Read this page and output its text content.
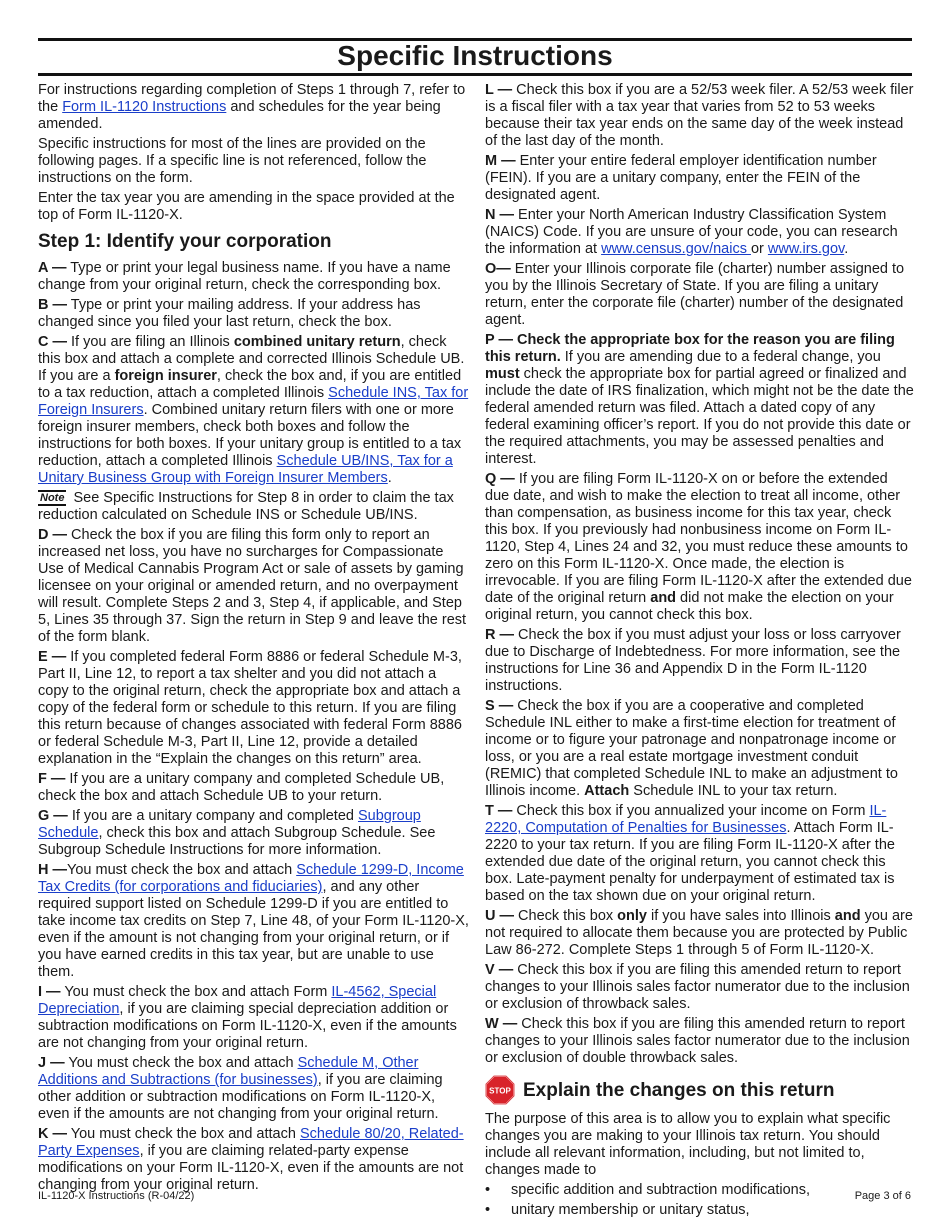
Specific Instructions

For instructions regarding completion of Steps 1 through 7, refer to the Form IL-1120 Instructions and schedules for the year being amended.

Specific instructions for most of the lines are provided on the following pages. If a specific line is not referenced, follow the instructions on the form.

Enter the tax year you are amending in the space provided at the top of Form IL-1120-X.

Step 1: Identify your corporation

A — Type or print your legal business name. If you have a name change from your original return, check the corresponding box.

B — Type or print your mailing address. If your address has changed since you filed your last return, check the box.

C — If you are filing an Illinois combined unitary return, check this box and attach a complete and corrected Illinois Schedule UB. If you are a foreign insurer, check the box and, if you are entitled to a tax reduction, attach a completed Illinois Schedule INS, Tax for Foreign Insurers. Combined unitary return filers with one or more foreign insurer members, check both boxes and follow the instructions for both boxes. If your unitary group is entitled to a tax reduction, attach a completed Illinois Schedule UB/INS, Tax for a Unitary Business Group with Foreign Insurer Members.

Note See Specific Instructions for Step 8 in order to claim the tax reduction calculated on Schedule INS or Schedule UB/INS.

D — Check the box if you are filing this form only to report an increased net loss, you have no surcharges for Compassionate Use of Medical Cannabis Program Act or sale of assets by gaming licensee on your original or amended return, and no overpayment will result. Complete Steps 2 and 3, Step 4, if applicable, and Step 5, Lines 35 through 37. Sign the return in Step 9 and leave the rest of the form blank.

E — If you completed federal Form 8886 or federal Schedule M-3, Part II, Line 12, to report a tax shelter and you did not attach a copy to the original return, check the appropriate box and attach a copy of the federal form or schedule to this return. If you are filing this return because of changes associated with federal Form 8886 or federal Schedule M-3, Part II, Line 12, provide a detailed explanation in the “Explain the changes on this return” area.

F — If you are a unitary company and completed Schedule UB, check the box and attach Schedule UB to your return.

G — If you are a unitary company and completed Subgroup Schedule, check this box and attach Subgroup Schedule. See Subgroup Schedule Instructions for more information.

H —You must check the box and attach Schedule 1299-D, Income Tax Credits (for corporations and fiduciaries), and any other required support listed on Schedule 1299-D if you are entitled to take income tax credits on Step 7, Line 48, of your Form IL-1120-X, even if the amount is not changing from your original return, or if you have earned credits in this tax year, but are unable to use them.

I — You must check the box and attach Form IL-4562, Special Depreciation, if you are claiming special depreciation addition or subtraction modifications on Form IL-1120-X, even if the amounts are not changing from your original return.

J — You must check the box and attach Schedule M, Other Additions and Subtractions (for businesses), if you are claiming other addition or subtraction modifications on Form IL-1120-X, even if the amounts are not changing from your original return.

K — You must check the box and attach Schedule 80/20, Related-Party Expenses, if you are claiming related-party expense modifications on your Form IL-1120-X, even if the amounts are not changing from your original return.

L — Check this box if you are a 52/53 week filer. A 52/53 week filer is a fiscal filer with a tax year that varies from 52 to 53 weeks because their tax year ends on the same day of the week instead of the last day of the month.

M — Enter your entire federal employer identification number (FEIN). If you are a unitary company, enter the FEIN of the designated agent.

N — Enter your North American Industry Classification System (NAICS) Code. If you are unsure of your code, you can research the information at www.census.gov/naics or www.irs.gov.

O— Enter your Illinois corporate file (charter) number assigned to you by the Illinois Secretary of State. If you are filing a unitary return, enter the corporate file (charter) number of the designated agent.

P — Check the appropriate box for the reason you are filing this return. If you are amending due to a federal change, you must check the appropriate box for partial agreed or finalized and include the date of IRS finalization, which might not be the date the federal amended return was filed. Attach a dated copy of any federal examining officer’s report. If you do not provide this date or the required attachments, you may be assessed penalties and interest.

Q — If you are filing Form IL-1120-X on or before the extended due date, and wish to make the election to treat all income, other than compensation, as business income for this tax year, check this box. If you previously had nonbusiness income on Form IL-1120, Step 4, Lines 24 and 32, you must reduce these amounts to zero on this Form IL-1120-X. Once made, the election is irrevocable. If you are filing Form IL-1120-X after the extended due date of the original return and did not make the election on your original return, you cannot check this box.

R — Check the box if you must adjust your loss or loss carryover due to Discharge of Indebtedness. For more information, see the instructions for Line 36 and Appendix D in the Form IL-1120 instructions.

S — Check the box if you are a cooperative and completed Schedule INL either to make a first-time election for treatment of income or to figure your patronage and nonpatronage income or loss, or you are a real estate mortgage investment conduit (REMIC) that completed Schedule INL to make an adjustment to Illinois income. Attach Schedule INL to your tax return.

T — Check this box if you annualized your income on Form IL-2220, Computation of Penalties for Businesses. Attach Form IL-2220 to your tax return. If you are filing Form IL-1120-X after the extended due date of the original return, you cannot check this box. Late-payment penalty for underpayment of estimated tax is based on the tax shown due on your original return.

U — Check this box only if you have sales into Illinois and you are not required to allocate them because you are protected by Public Law 86-272. Complete Steps 1 through 5 of Form IL-1120-X.

V — Check this box if you are filing this amended return to report changes to your Illinois sales factor numerator due to the inclusion or exclusion of throwback sales.

W — Check this box if you are filing this amended return to report changes to your Illinois sales factor numerator due to the inclusion or exclusion of double throwback sales.

STOP Explain the changes on this return

The purpose of this area is to allow you to explain what specific changes you are making to your Illinois tax return. You should include all relevant information, including, but not limited to, changes made to

• specific addition and subtraction modifications,
• unitary membership or unitary status,
IL-1120-X Instructions (R-04/22)	Page 3 of 6
